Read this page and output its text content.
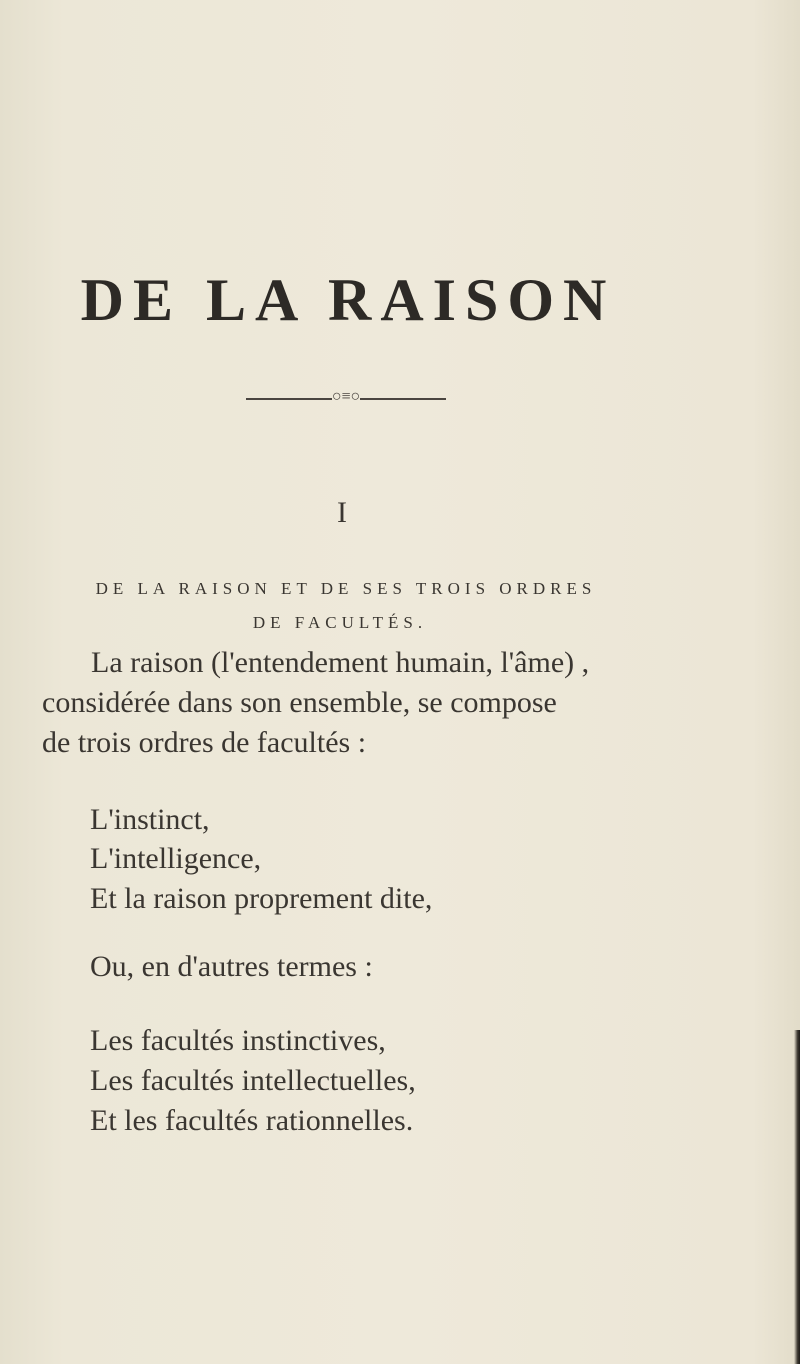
DE LA RAISON
○≡○
I
DE LA RAISON ET DE SES TROIS ORDRES
DE FACULTÉS.
La raison (l'entendement humain, l'âme) ,
considérée dans son ensemble, se compose
de trois ordres de facultés :
L'instinct,
L'intelligence,
Et la raison proprement dite,
Ou, en d'autres termes :
Les facultés instinctives,
Les facultés intellectuelles,
Et les facultés rationnelles.
